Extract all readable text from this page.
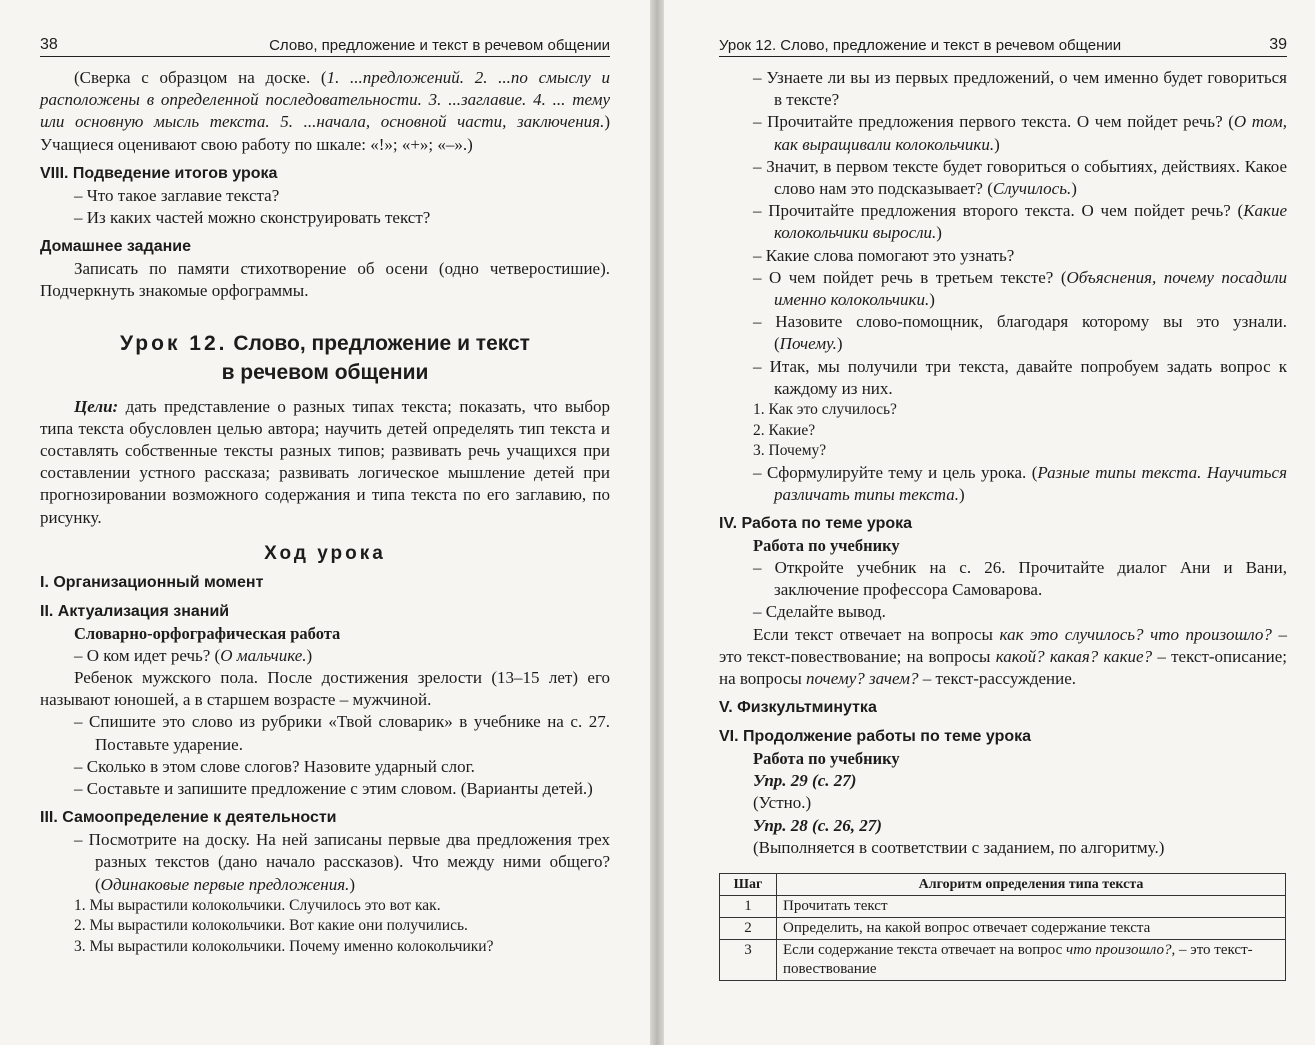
38	Слово, предложение и текст в речевом общении

(Сверка с образцом на доске. (1. ...предложений. 2. ...по смыслу и расположены в определенной последовательности. 3. ...заглавие. 4. ... тему или основную мысль текста. 5. ...начала, основной части, заключения.) Учащиеся оценивают свою работу по шкале: «!»; «+»; «–».)

VIII. Подведение итогов урока

– Что такое заглавие текста?

– Из каких частей можно сконструировать текст?

Домашнее задание

Записать по памяти стихотворение об осени (одно четверостишие). Подчеркнуть знакомые орфограммы.

Урок 12. Слово, предложение и текст
в речевом общении

Цели: дать представление о разных типах текста; показать, что выбор типа текста обусловлен целью автора; научить детей определять тип текста и составлять собственные тексты разных типов; развивать речь учащихся при составлении устного рассказа; развивать логическое мышление детей при прогнозировании возможного содержания и типа текста по его заглавию, по рисунку.

Ход урока
I. Организационный момент
II. Актуализация знаний
Словарно-орфографическая работа

– О ком идет речь? (О мальчике.)

Ребенок мужского пола. После достижения зрелости (13–15 лет) его называют юношей, а в старшем возрасте – мужчиной.

– Спишите это слово из рубрики «Твой словарик» в учебнике на с. 27. Поставьте ударение.

– Сколько в этом слове слогов? Назовите ударный слог.

– Составьте и запишите предложение с этим словом. (Варианты детей.)

III. Самоопределение к деятельности

– Посмотрите на доску. На ней записаны первые два предложения трех разных текстов (дано начало рассказов). Что между ними общего? (Одинаковые первые предложения.)

1. Мы вырастили колокольчики. Случилось это вот как.

2. Мы вырастили колокольчики. Вот какие они получились.

3. Мы вырастили колокольчики. Почему именно колокольчики?

Урок 12. Слово, предложение и текст в речевом общении	39

– Узнаете ли вы из первых предложений, о чем именно будет говориться в тексте?

– Прочитайте предложения первого текста. О чем пойдет речь? (О том, как выращивали колокольчики.)

– Значит, в первом тексте будет говориться о событиях, действиях. Какое слово нам это подсказывает? (Случилось.)

– Прочитайте предложения второго текста. О чем пойдет речь? (Какие колокольчики выросли.)

– Какие слова помогают это узнать?

– О чем пойдет речь в третьем тексте? (Объяснения, почему посадили именно колокольчики.)

– Назовите слово-помощник, благодаря которому вы это узнали. (Почему.)

– Итак, мы получили три текста, давайте попробуем задать вопрос к каждому из них.

1. Как это случилось?

2. Какие?

3. Почему?

– Сформулируйте тему и цель урока. (Разные типы текста. Научиться различать типы текста.)

IV. Работа по теме урока
Работа по учебнику

– Откройте учебник на с. 26. Прочитайте диалог Ани и Вани, заключение профессора Самоварова.

– Сделайте вывод.

Если текст отвечает на вопросы как это случилось? что произошло? – это текст-повествование; на вопросы какой? какая? какие? – текст-описание; на вопросы почему? зачем? – текст-рассуждение.

V. Физкультминутка
VI. Продолжение работы по теме урока
Работа по учебнику

Упр. 29 (с. 27)

(Устно.)

Упр. 28 (с. 26, 27)

(Выполняется в соответствии с заданием, по алгоритму.)

Шаг	Алгоритм определения типа текста
1	Прочитать текст
2	Определить, на какой вопрос отвечает содержание текста
3	Если содержание текста отвечает на вопрос что произошло?, – это текст-повествование
